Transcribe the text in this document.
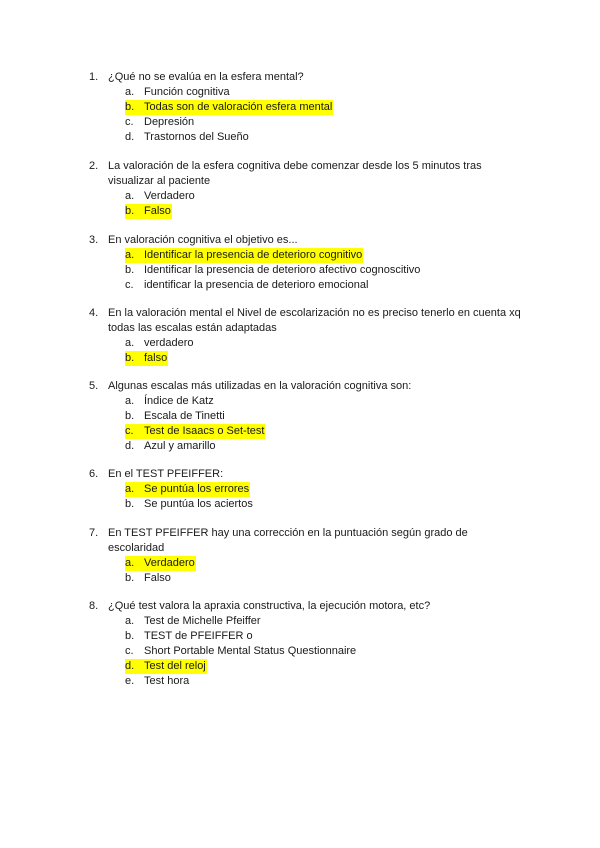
1. ¿Qué no se evalúa en la esfera mental?
a. Función cognitiva
b. Todas son de valoración esfera mental
c. Depresión
d. Trastornos del Sueño
2. La valoración de la esfera cognitiva debe comenzar desde los 5 minutos tras
visualizar al paciente
a. Verdadero
b. Falso
3. En valoración cognitiva el objetivo es...
a. Identificar la presencia de deterioro cognitivo
b. Identificar la presencia de deterioro afectivo cognoscitivo
c. identificar la presencia de deterioro emocional
4. En la valoración mental el Nivel de escolarización no es preciso tenerlo en cuenta xq
todas las escalas están adaptadas
a. verdadero
b. falso
5. Algunas escalas más utilizadas en la valoración cognitiva son:
a. Índice de Katz
b. Escala de Tinetti
c. Test de Isaacs o Set-test
d. Azul y amarillo
6. En el TEST PFEIFFER:
a. Se puntúa los errores
b. Se puntúa los aciertos
7. En TEST PFEIFFER hay una corrección en la puntuación según grado de
escolaridad
a. Verdadero
b. Falso
8. ¿Qué test valora la apraxia constructiva, la ejecución motora, etc?
a. Test de Michelle Pfeiffer
b. TEST de PFEIFFER o
c. Short Portable Mental Status Questionnaire
d. Test del reloj
e. Test hora
